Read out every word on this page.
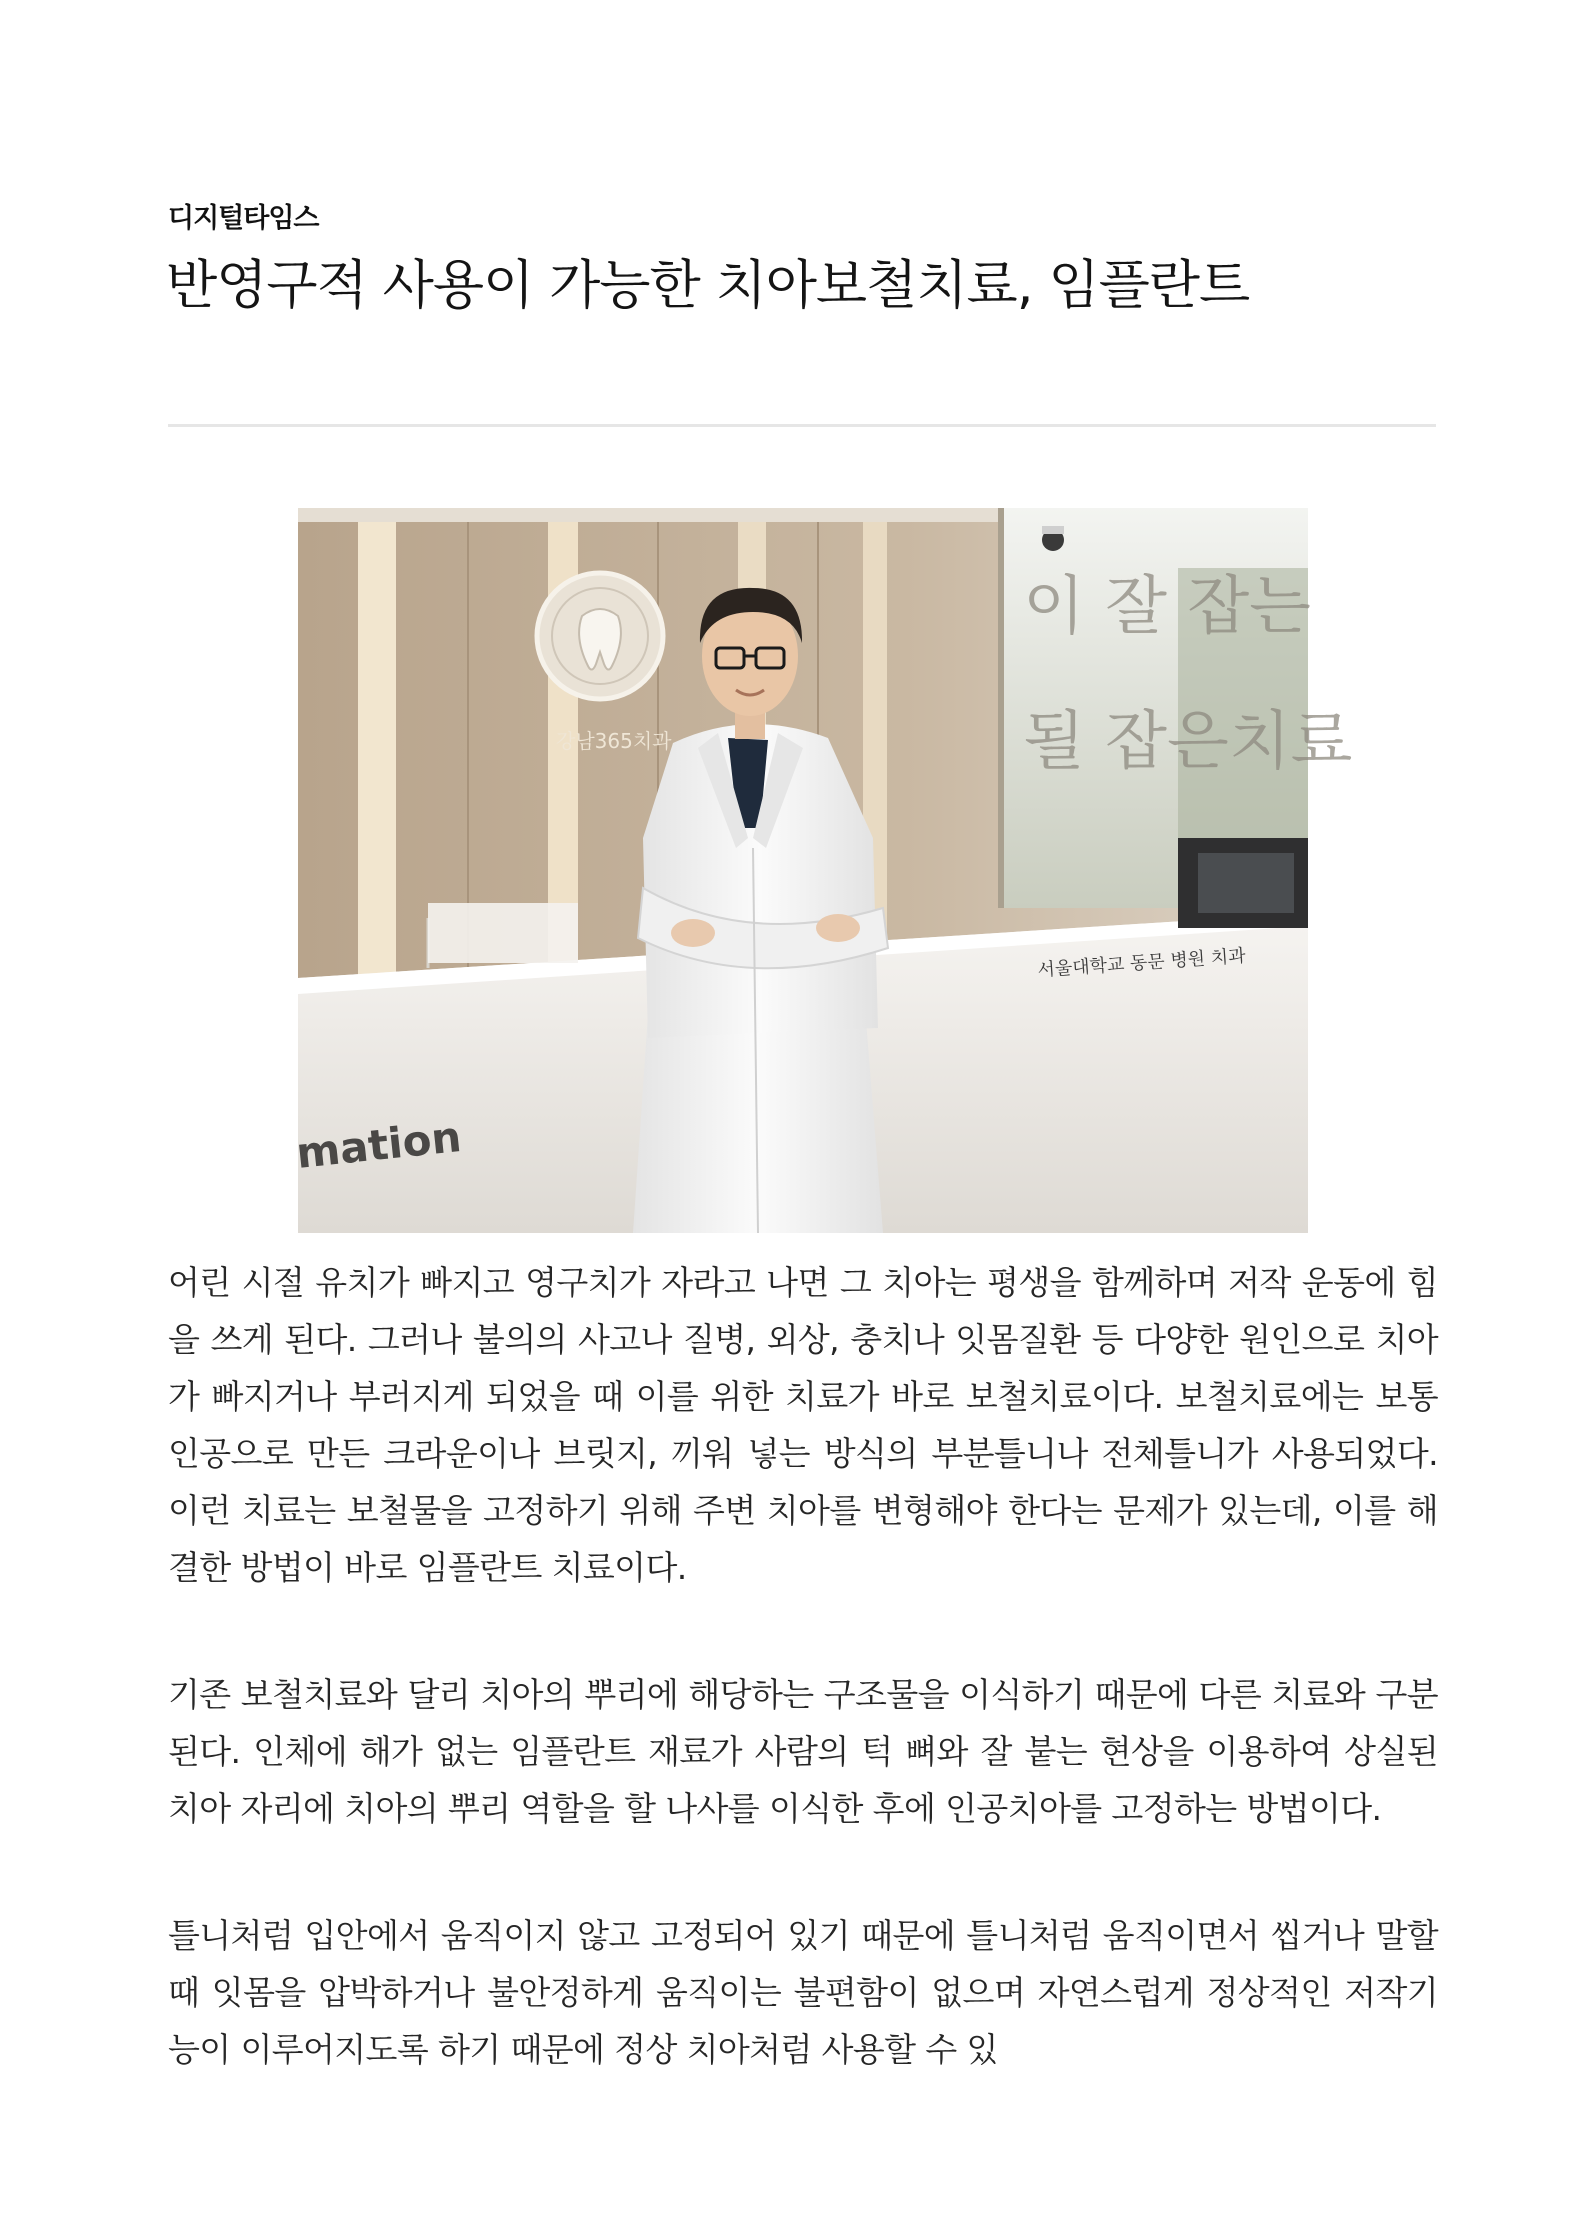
디지털타임스
반영구적 사용이 가능한 치아보철치료, 임플란트
이 잘 잡는
될 잡은치료
강남365치과
서울대학교 동문 병원 치과
mation

어린 시절 유치가 빠지고 영구치가 자라고 나면 그 치아는 평생을 함께하며 저작 운동에 힘을 쓰게 된다. 그러나 불의의 사고나 질병, 외상, 충치나 잇몸질환 등 다양한 원인으로 치아가 빠지거나 부러지게 되었을 때 이를 위한 치료가 바로 보철치료이다. 보철치료에는 보통 인공으로 만든 크라운이나 브릿지, 끼워 넣는 방식의 부분틀니나 전체틀니가 사용되었다. 이런 치료는 보철물을 고정하기 위해 주변 치아를 변형해야 한다는 문제가 있는데, 이를 해결한 방법이 바로 임플란트 치료이다.

기존 보철치료와 달리 치아의 뿌리에 해당하는 구조물을 이식하기 때문에 다른 치료와 구분된다. 인체에 해가 없는 임플란트 재료가 사람의 턱 뼈와 잘 붙는 현상을 이용하여 상실된 치아 자리에 치아의 뿌리 역할을 할 나사를 이식한 후에 인공치아를 고정하는 방법이다.

틀니처럼 입안에서 움직이지 않고 고정되어 있기 때문에 틀니처럼 움직이면서 씹거나 말할 때 잇몸을 압박하거나 불안정하게 움직이는 불편함이 없으며 자연스럽게 정상적인 저작기능이 이루어지도록 하기 때문에 정상 치아처럼 사용할 수 있
